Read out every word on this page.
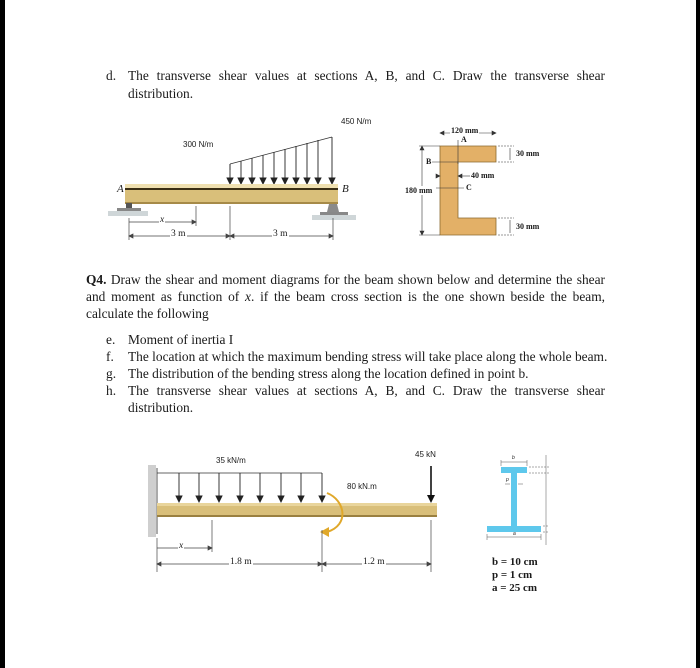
d. The transverse shear values at sections A, B, and C. Draw the transverse shear
distribution.
300 N/m
450 N/m
A	B
x
3 m	3 m
120 mm
A
B
C
40 mm
180 mm
30 mm
30 mm
Q4. Draw the shear and moment diagrams for the beam shown below and determine the shear
and moment as function of x. if the beam cross section is the one shown beside the beam,
calculate the following
e. Moment of inertia I
f. The location at which the maximum bending stress will take place along the whole beam.
g. The distribution of the bending stress along the location defined in point b.
h. The transverse shear values at sections A, B, and C. Draw the transverse shear
distribution.
35 kN/m
80 kN.m
45 kN
x
1.8 m	1.2 m
b
p
a
b = 10 cm
p = 1 cm
a = 25 cm
